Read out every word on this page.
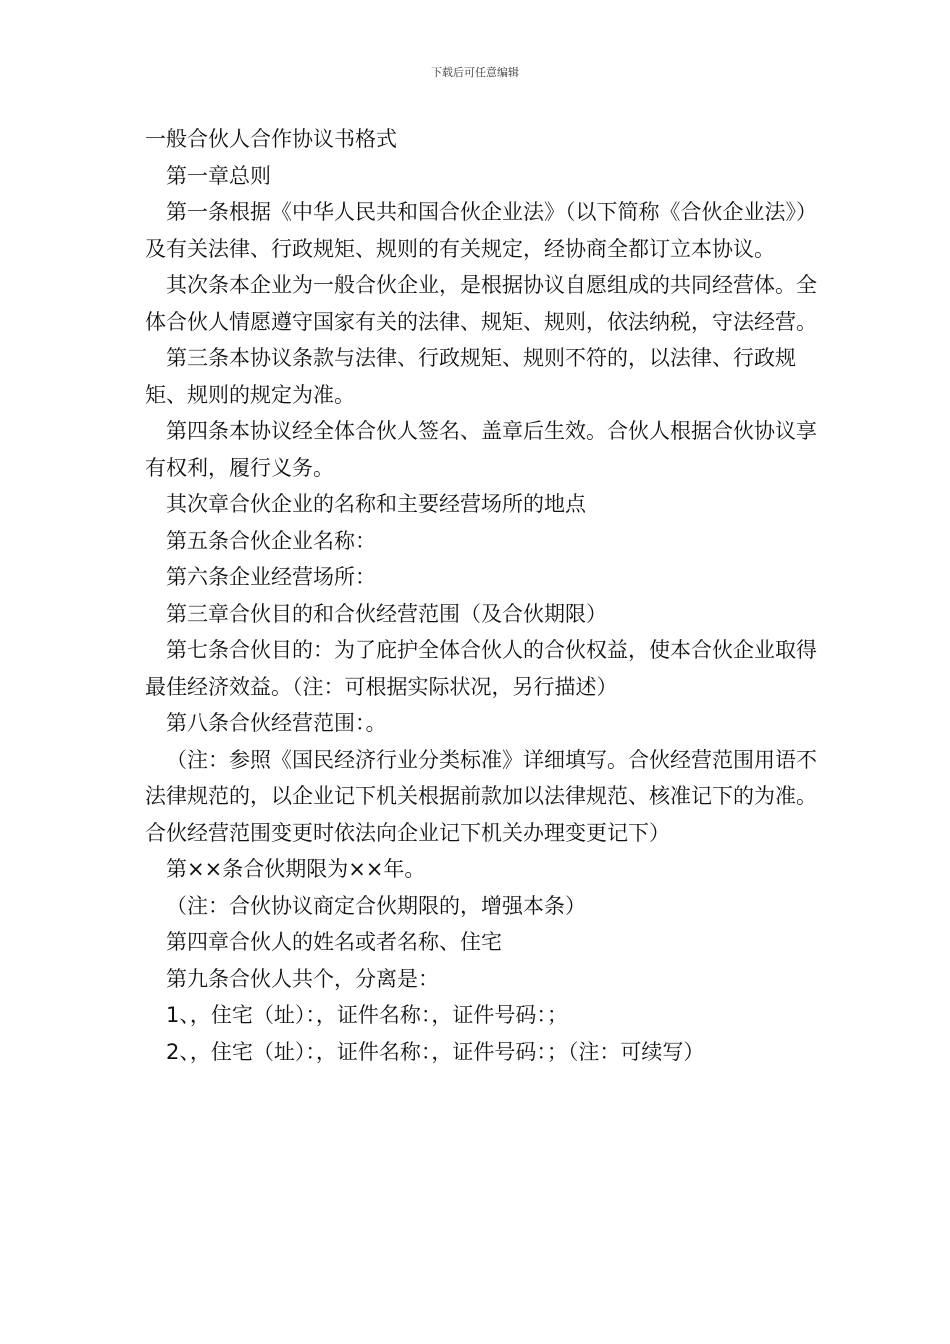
下载后可任意编辑

一般合伙人合作协议书格式

第一章总则

第一条根据《中华人民共和国合伙企业法》（以下简称《合伙企业法》）及有关法律、行政规矩、规则的有关规定，经协商全都订立本协议。

其次条本企业为一般合伙企业，是根据协议自愿组成的共同经营体。全体合伙人情愿遵守国家有关的法律、规矩、规则，依法纳税，守法经营。

第三条本协议条款与法律、行政规矩、规则不符的，以法律、行政规矩、规则的规定为准。

第四条本协议经全体合伙人签名、盖章后生效。合伙人根据合伙协议享有权利，履行义务。

其次章合伙企业的名称和主要经营场所的地点

第五条合伙企业名称：

第六条企业经营场所：

第三章合伙目的和合伙经营范围（及合伙期限）

第七条合伙目的：为了庇护全体合伙人的合伙权益，使本合伙企业取得最佳经济效益。（注：可根据实际状况，另行描述）

第八条合伙经营范围：。

（注：参照《国民经济行业分类标准》详细填写。合伙经营范围用语不法律规范的，以企业记下机关根据前款加以法律规范、核准记下的为准。合伙经营范围变更时依法向企业记下机关办理变更记下）

第××条合伙期限为××年。

（注：合伙协议商定合伙期限的，增强本条）

第四章合伙人的姓名或者名称、住宅

第九条合伙人共个，分离是：

1、，住宅（址）：，证件名称：，证件号码：；

2、，住宅（址）：，证件名称：，证件号码：；（注：可续写）
